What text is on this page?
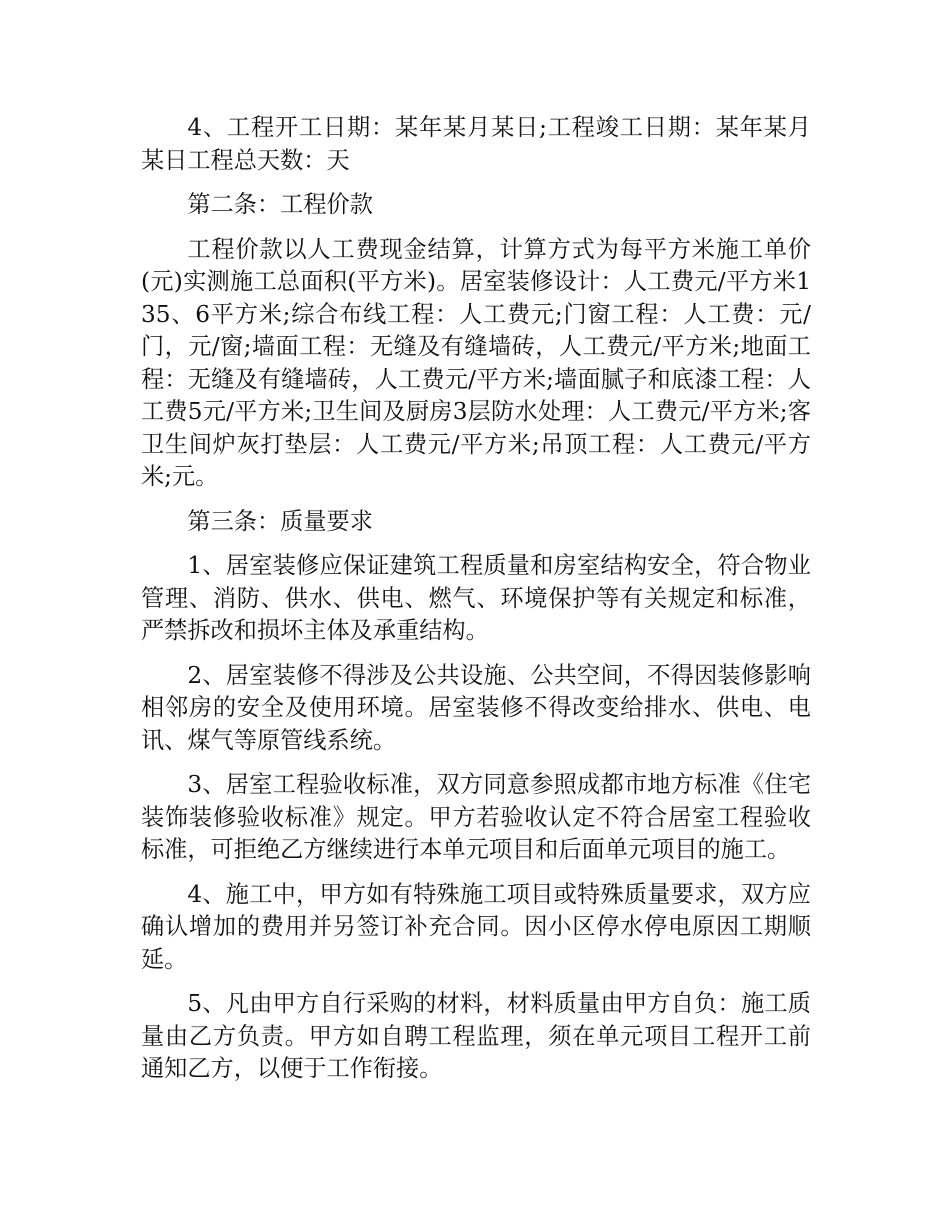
4、工程开工日期：某年某月某日;工程竣工日期：某年某月某日工程总天数：天

第二条：工程价款

工程价款以人工费现金结算，计算方式为每平方米施工单价(元)实测施工总面积(平方米)。居室装修设计：人工费元/平方米135、6平方米;综合布线工程：人工费元;门窗工程：人工费：元/门，元/窗;墙面工程：无缝及有缝墙砖，人工费元/平方米;地面工程：无缝及有缝墙砖，人工费元/平方米;墙面腻子和底漆工程：人工费5元/平方米;卫生间及厨房3层防水处理：人工费元/平方米;客卫生间炉灰打垫层：人工费元/平方米;吊顶工程：人工费元/平方米;元。

第三条：质量要求

1、居室装修应保证建筑工程质量和房室结构安全，符合物业管理、消防、供水、供电、燃气、环境保护等有关规定和标准，严禁拆改和损坏主体及承重结构。

2、居室装修不得涉及公共设施、公共空间，不得因装修影响相邻房的安全及使用环境。居室装修不得改变给排水、供电、电讯、煤气等原管线系统。

3、居室工程验收标准，双方同意参照成都市地方标准《住宅装饰装修验收标准》规定。甲方若验收认定不符合居室工程验收标准，可拒绝乙方继续进行本单元项目和后面单元项目的施工。

4、施工中，甲方如有特殊施工项目或特殊质量要求，双方应确认增加的费用并另签订补充合同。因小区停水停电原因工期顺延。

5、凡由甲方自行采购的材料，材料质量由甲方自负：施工质量由乙方负责。甲方如自聘工程监理，须在单元项目工程开工前通知乙方，以便于工作衔接。
